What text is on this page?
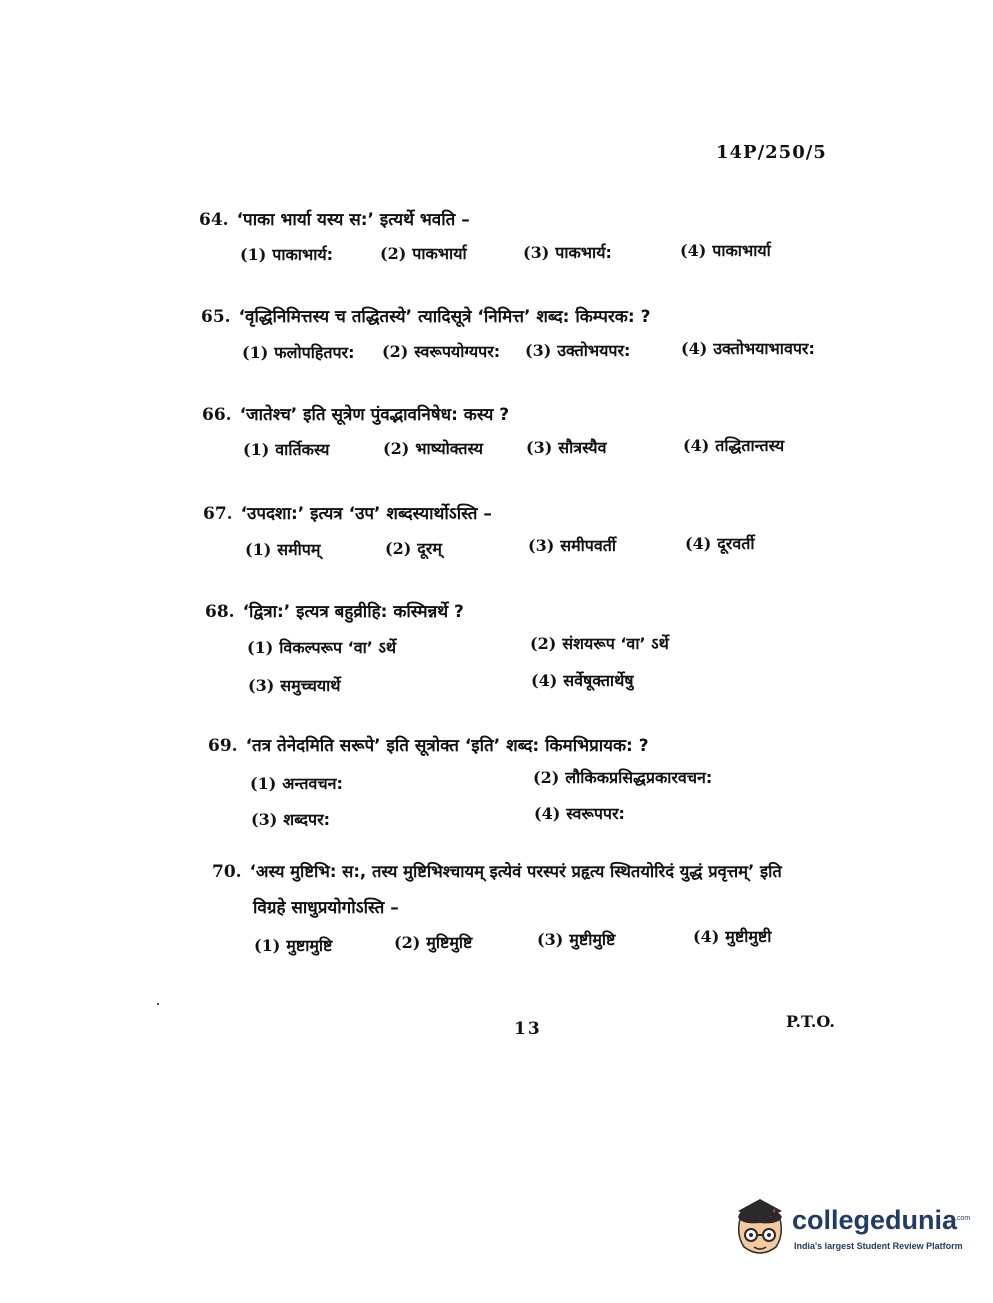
14P/250/5
64. ‘पाका भार्या यस्य स:’ इत्यर्थे भवति –
(1) पाकाभार्य:	(2) पाकभार्या	(3) पाकभार्य:	(4) पाकाभार्या
65. ‘वृद्धिनिमित्तस्य च तद्धितस्ये’ त्यादिसूत्रे ‘निमित्त’ शब्द: किम्परक: ?
(1) फलोपहितपर: (2) स्वरूपयोग्यपर: (3) उक्तोभयपर:	(4) उक्तोभयाभावपर:
66. ‘जातेश्च’ इति सूत्रेण पुंवद्भावनिषेध: कस्य ?
(1) वार्तिकस्य	(2) भाष्योक्तस्य	(3) सौत्रस्यैव	(4) तद्धितान्तस्य
67. ‘उपदशा:’ इत्यत्र ‘उप’ शब्दस्यार्थोऽस्ति –
(1) समीपम्	(2) दूरम्	(3) समीपवर्ती	(4) दूरवर्ती
68. ‘द्वित्रा:’ इत्यत्र बहुव्रीहि: कस्मिन्नर्थे ?
(1) विकल्परूप ‘वा’ ऽर्थे	(2) संशयरूप ‘वा’ ऽर्थे
(3) समुच्चयार्थे	(4) सर्वेषूक्तार्थेषु
69. ‘तत्र तेनेदमिति सरूपे’ इति सूत्रोक्त ‘इति’ शब्द: किमभिप्रायक: ?
(1) अन्तवचन:	(2) लौकिकप्रसिद्धप्रकारवचन:
(3) शब्दपर:	(4) स्वरूपपर:
70. ‘अस्य मुष्टिभि: स:, तस्य मुष्टिभिश्चायम् इत्येवं परस्परं प्रहृत्य स्थितयोरिदं युद्धं प्रवृत्तम्’ इति
विग्रहे साधुप्रयोगोऽस्ति –
(1) मुष्टामुष्टि	(2) मुष्टिमुष्टि	(3) मुष्टीमुष्टि	(4) मुष्टीमुष्टी
13	P.T.O.
collegedunia
.com
India's largest Student Review Platform
